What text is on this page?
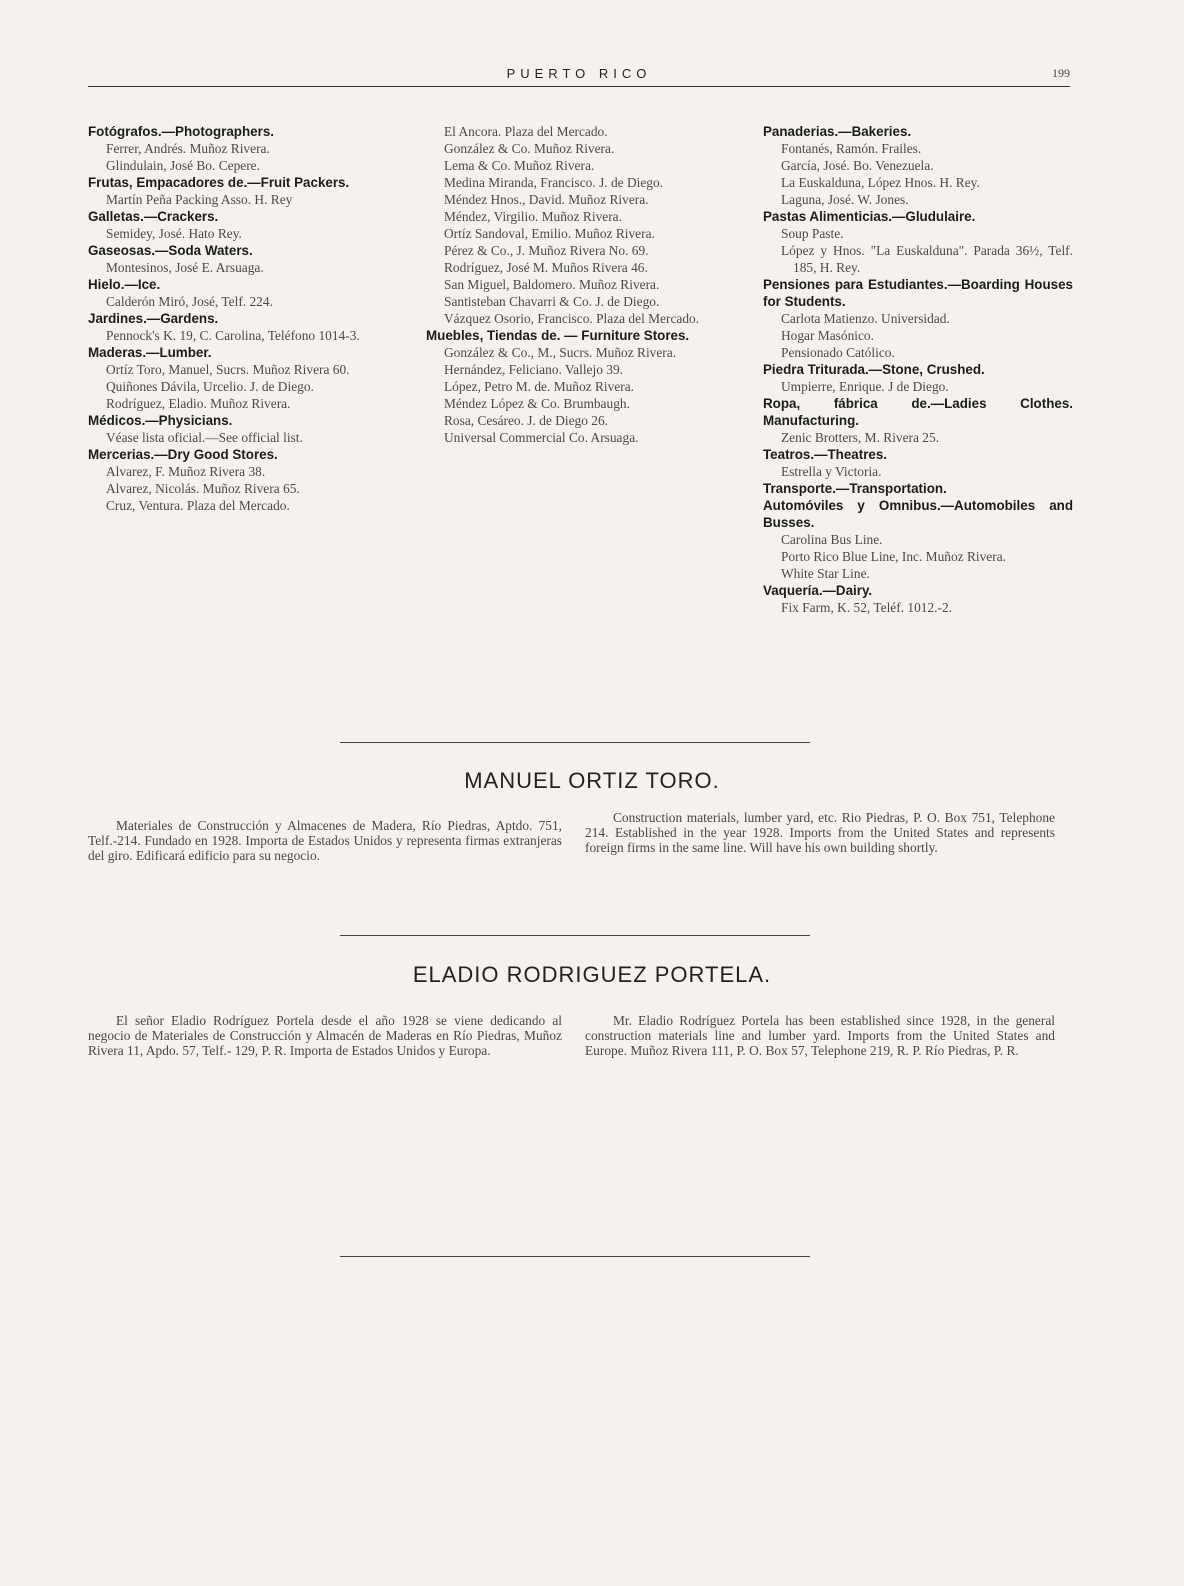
PUERTO RICO	199
Fotógrafos.—Photographers.
Ferrer, Andrés. Muñoz Rivera.
Glindulain, José Bo. Cepere.
Frutas, Empacadores de.—Fruit Packers.
Martín Peña Packing Asso. H. Rey
Galletas.—Crackers.
Semidey, José. Hato Rey.
Gaseosas.—Soda Waters.
Montesinos, José E. Arsuaga.
Hielo.—Ice.
Calderón Miró, José, Telf. 224.
Jardines.—Gardens.
Pennock's K. 19, C. Carolina, Teléfono 1014-3.
Maderas.—Lumber.
Ortíz Toro, Manuel, Sucrs. Muñoz Rivera 60.
Quiñones Dávila, Urcelio. J. de Diego.
Rodríguez, Eladio. Muñoz Rivera.
Médicos.—Physicians.
Véase lista oficial.—See official list.
Mercerias.—Dry Good Stores.
Alvarez, F. Muñoz Rivera 38.
Alvarez, Nicolás. Muñoz Rivera 65.
Cruz, Ventura. Plaza del Mercado.
El Ancora. Plaza del Mercado.
González & Co. Muñoz Rivera.
Lema & Co. Muñoz Rivera.
Medina Miranda, Francisco. J. de Diego.
Méndez Hnos., David. Muñoz Rivera.
Méndez, Virgilio. Muñoz Rivera.
Ortíz Sandoval, Emilio. Muñoz Rivera.
Pérez & Co., J. Muñoz Rivera No. 69.
Rodríguez, José M. Muños Rivera 46.
San Miguel, Baldomero. Muñoz Rivera.
Santisteban Chavarri & Co. J. de Diego.
Vázquez Osorio, Francisco. Plaza del Mercado.
Muebles, Tiendas de. — Furniture Stores.
González & Co., M., Sucrs. Muñoz Rivera.
Hernández, Feliciano. Vallejo 39.
López, Petro M. de. Muñoz Rivera.
Méndez López & Co. Brumbaugh.
Rosa, Cesáreo. J. de Diego 26.
Universal Commercial Co. Arsuaga.
Panaderias.—Bakeries.
Fontanés, Ramón. Frailes.
García, José. Bo. Venezuela.
La Euskalduna, López Hnos. H. Rey.
Laguna, José. W. Jones.
Pastas Alimenticias.—Gludulaire.
Soup Paste.
López y Hnos. "La Euskalduna". Parada 36½, Telf. 185, H. Rey.
Pensiones para Estudiantes.—Boarding Houses for Students.
Carlota Matienzo. Universidad.
Hogar Masónico.
Pensionado Católico.
Piedra Triturada.—Stone, Crushed.
Umpierre, Enrique. J de Diego.
Ropa, fábrica de.—Ladies Clothes. Manufacturing.
Zenic Brotters, M. Rivera 25.
Teatros.—Theatres.
Estrella y Victoria.
Transporte.—Transportation.
Automóviles y Omnibus.—Automobiles and Busses.
Carolina Bus Line.
Porto Rico Blue Line, Inc. Muñoz Rivera.
White Star Line.
Vaquería.—Dairy.
Fix Farm, K. 52, Teléf. 1012.-2.
MANUEL ORTIZ TORO.
Materiales de Construcción y Almacenes de Madera, Río Piedras, Aptdo. 751, Telf.-214. Fundado en 1928. Importa de Estados Unidos y representa firmas extranjeras del giro. Edificará edificio para su negocio.
Construction materials, lumber yard, etc. Rio Piedras, P. O. Box 751, Telephone 214. Established in the year 1928. Imports from the United States and represents foreign firms in the same line. Will have his own building shortly.
ELADIO RODRIGUEZ PORTELA.
El señor Eladio Rodríguez Portela desde el año 1928 se viene dedicando al negocio de Materiales de Construcción y Almacén de Maderas en Río Piedras, Muñoz Rivera 11, Apdo. 57, Telf.- 129, P. R. Importa de Estados Unidos y Europa.
Mr. Eladio Rodríguez Portela has been established since 1928, in the general construction materials line and lumber yard. Imports from the United States and Europe. Muñoz Rivera 111, P. O. Box 57, Telephone 219, R. P. Río Piedras, P. R.
